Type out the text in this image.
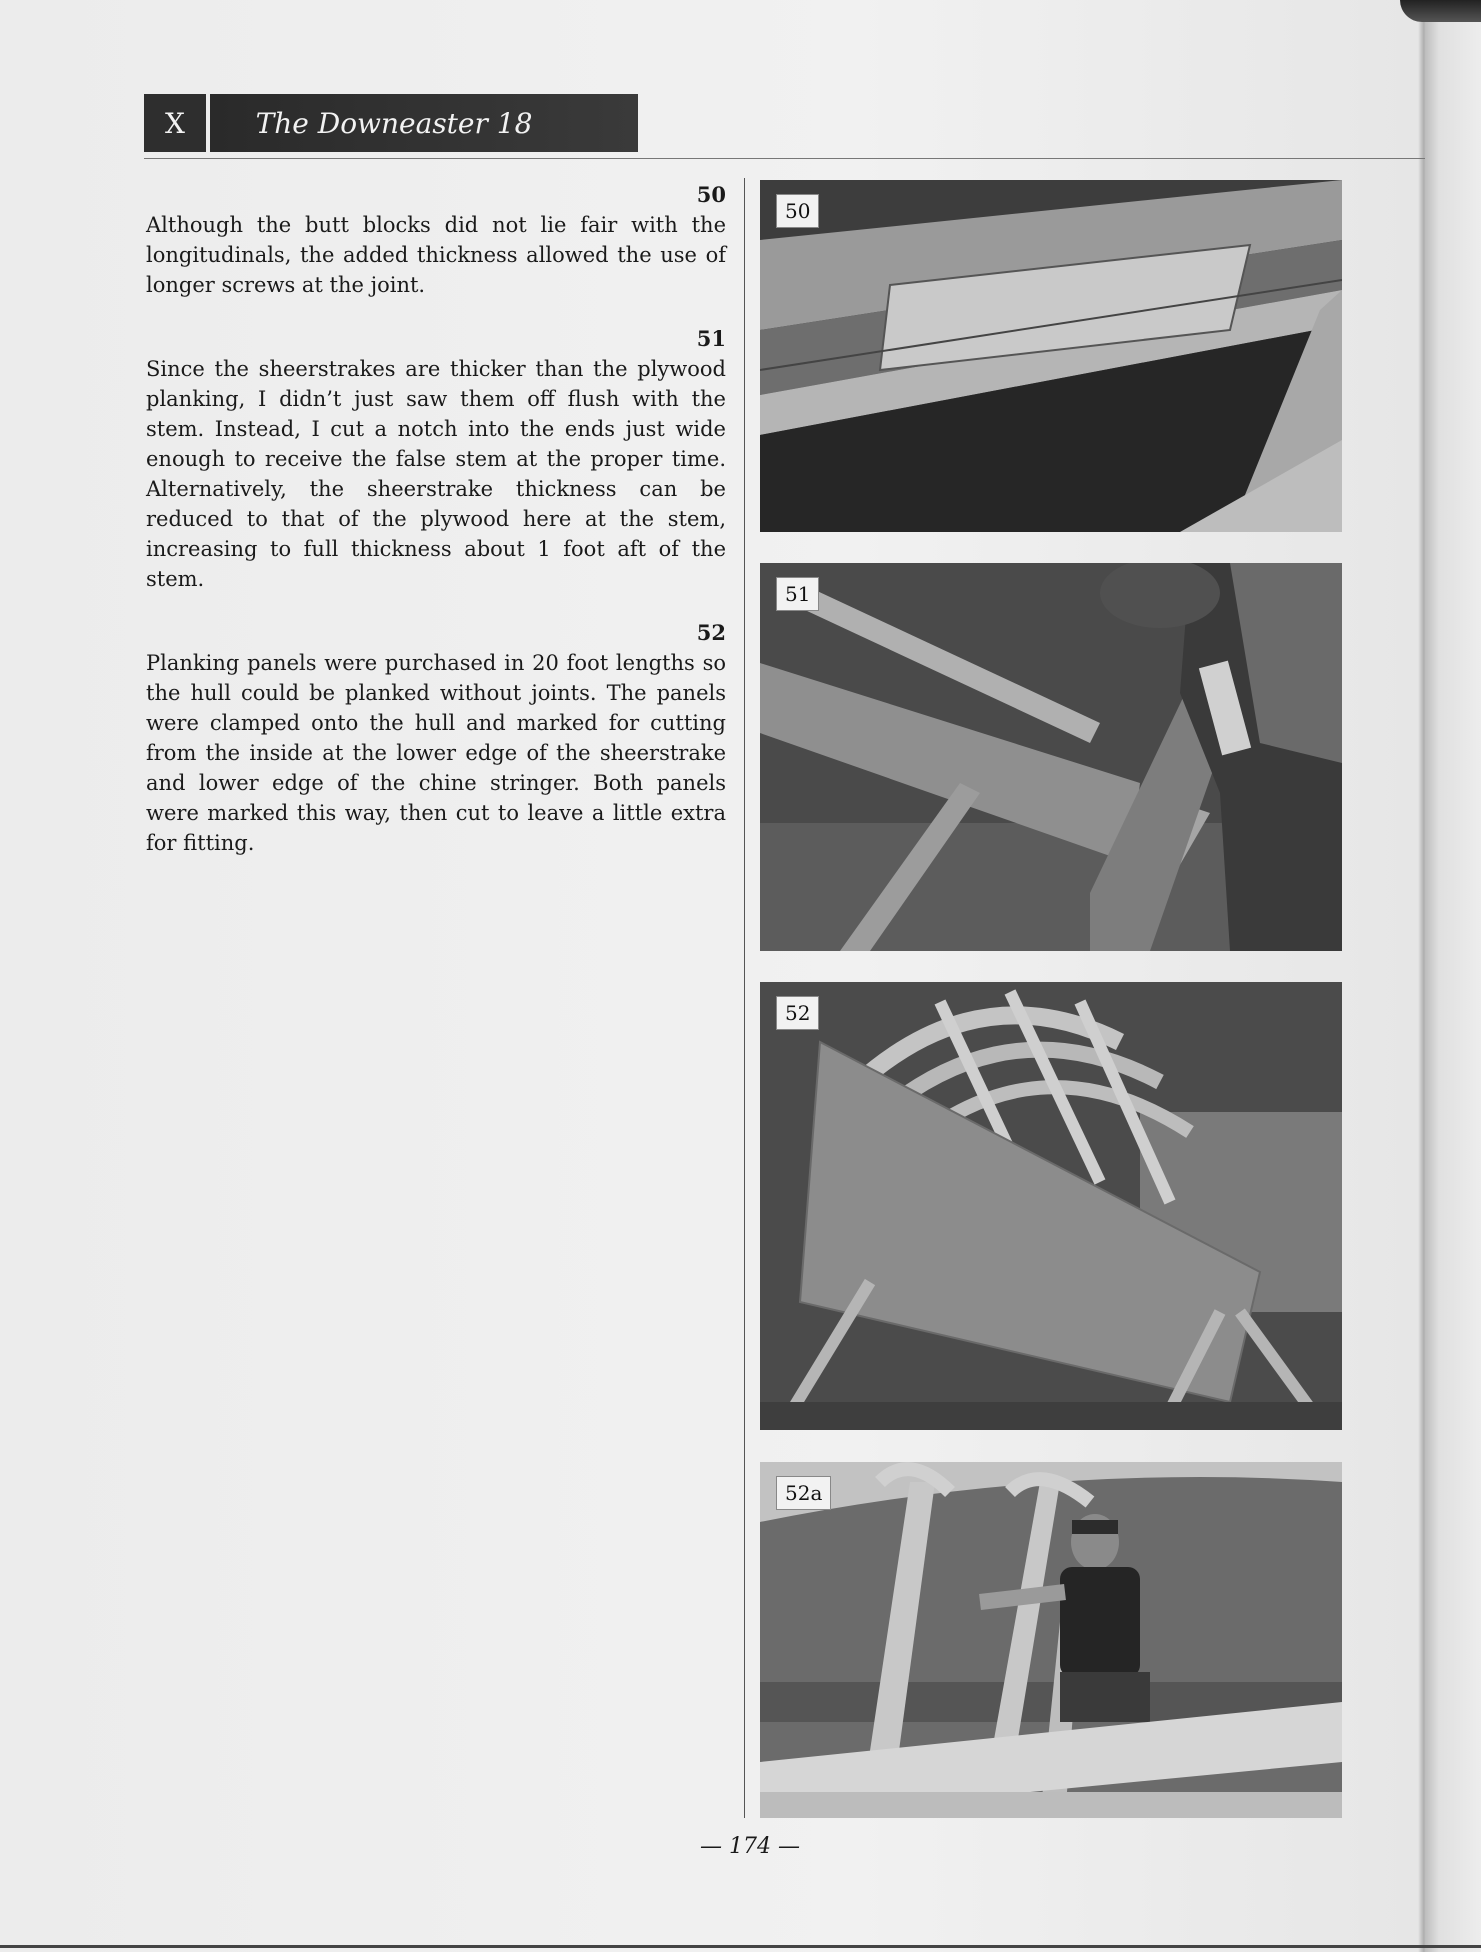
X	The Downeaster 18
50

Although the butt blocks did not lie fair with the longitudinals, the added thickness allowed the use of longer screws at the joint.

51

Since the sheerstrakes are thicker than the plywood planking, I didn’t just saw them off flush with the stem. Instead, I cut a notch into the ends just wide enough to receive the false stem at the proper time. Alternatively, the sheerstrake thickness can be reduced to that of the plywood here at the stem, increasing to full thickness about 1 foot aft of the stem.

52

Planking panels were purchased in 20 foot lengths so the hull could be planked without joints. The panels were clamped onto the hull and marked for cutting from the inside at the lower edge of the sheerstrake and lower edge of the chine stringer. Both panels were marked this way, then cut to leave a little extra for fitting.

50
51
52
52a
— 174 —
